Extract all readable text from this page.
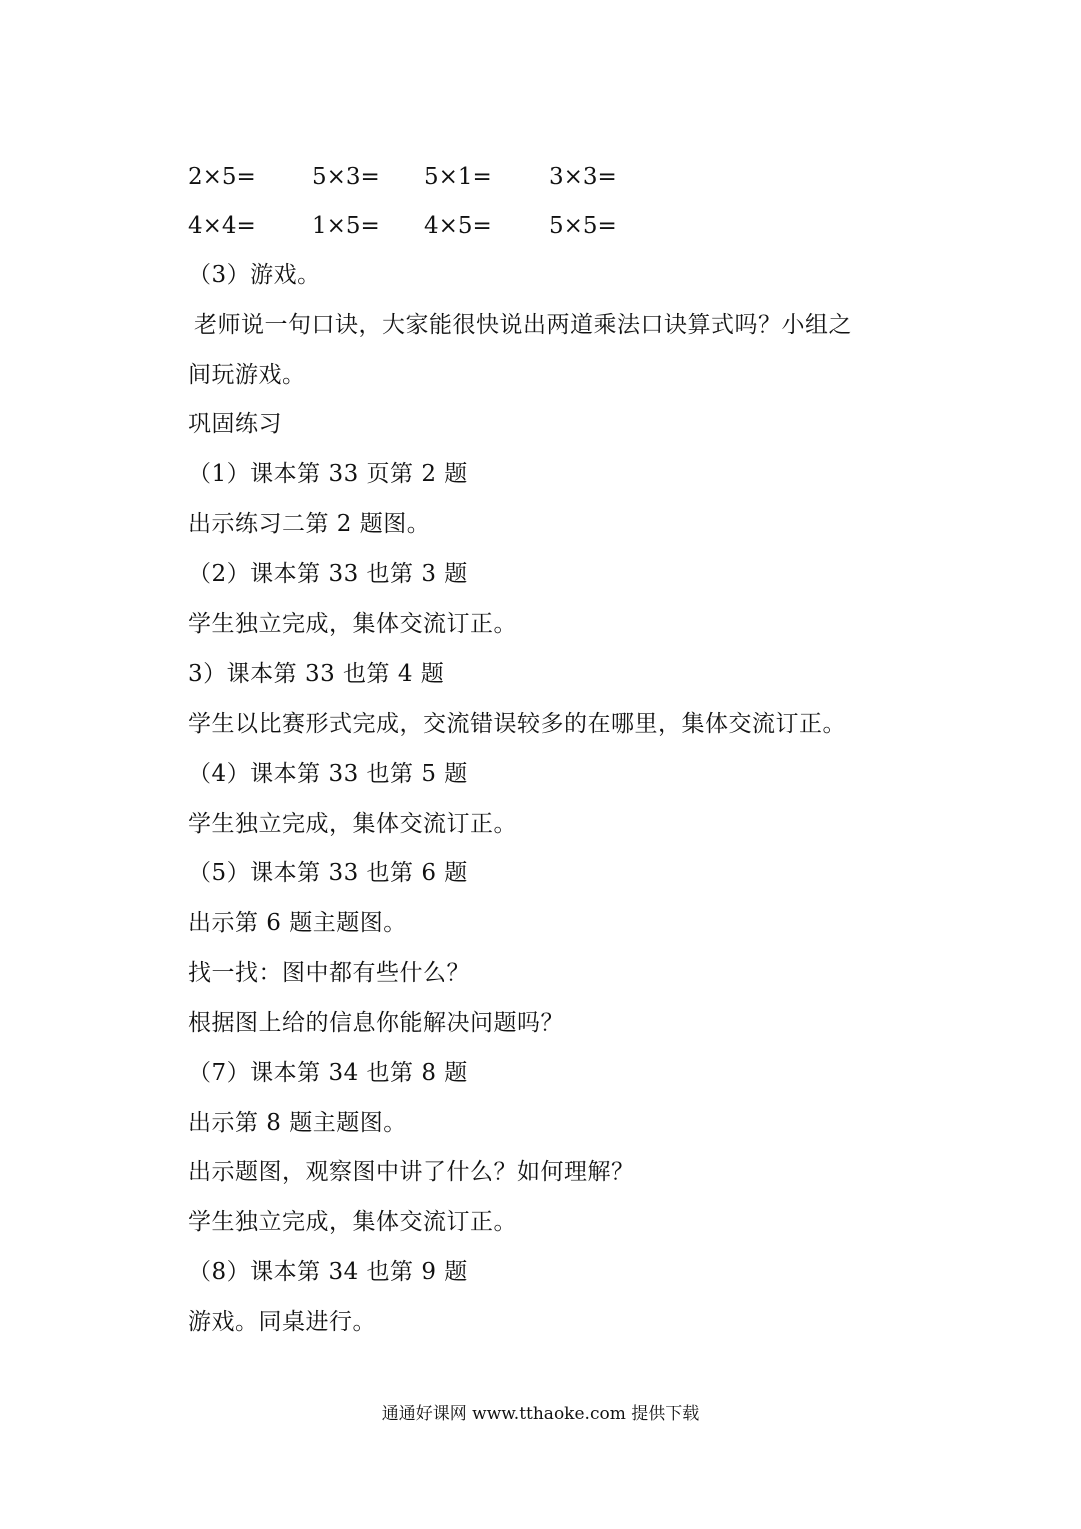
2×5= 5×3= 5×1= 3×3=
4×4= 1×5= 4×5= 5×5=
（3）游戏。
老师说一句口诀，大家能很快说出两道乘法口诀算式吗？小组之
间玩游戏。
巩固练习
（1）课本第 33 页第 2 题
出示练习二第 2 题图。
（2）课本第 33 也第 3 题
学生独立完成，集体交流订正。
3）课本第 33 也第 4 题
学生以比赛形式完成，交流错误较多的在哪里，集体交流订正。
（4）课本第 33 也第 5 题
学生独立完成，集体交流订正。
（5）课本第 33 也第 6 题
出示第 6 题主题图。
找一找：图中都有些什么？
根据图上给的信息你能解决问题吗？
（7）课本第 34 也第 8 题
出示第 8 题主题图。
出示题图，观察图中讲了什么？如何理解？
学生独立完成，集体交流订正。
（8）课本第 34 也第 9 题
游戏。同桌进行。
通通好课网 www.tthaoke.com 提供下载
